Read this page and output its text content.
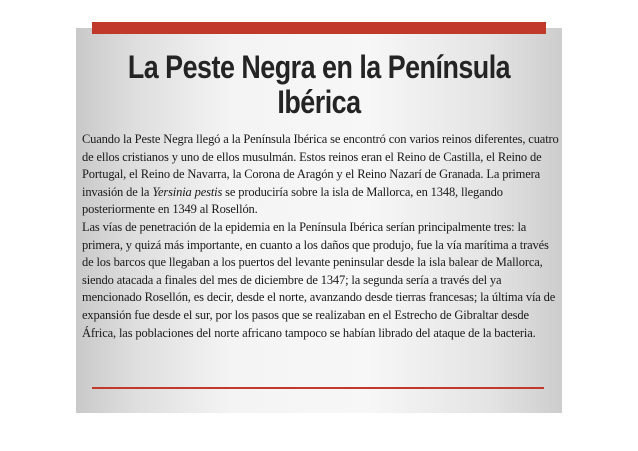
La Peste Negra en la Península
Ibérica

Cuando la Peste Negra llegó a la Península Ibérica se encontró con varios reinos diferentes, cuatro de ellos cristianos y uno de ellos musulmán. Estos reinos eran el Reino de Castilla, el Reino de Portugal, el Reino de Navarra, la Corona de Aragón y el Reino Nazarí de Granada. La primera invasión de la Yersinia pestis se produciría sobre la isla de Mallorca, en 1348, llegando posteriormente en 1349 al Rosellón.

Las vías de penetración de la epidemia en la Península Ibérica serían principalmente tres: la primera, y quizá más importante, en cuanto a los daños que produjo, fue la vía marítima a través de los barcos que llegaban a los puertos del levante peninsular desde la isla balear de Mallorca, siendo atacada a finales del mes de diciembre de 1347; la segunda sería a través del ya mencionado Rosellón, es decir, desde el norte, avanzando desde tierras francesas; la última vía de expansión fue desde el sur, por los pasos que se realizaban en el Estrecho de Gibraltar desde África, las poblaciones del norte africano tampoco se habían librado del ataque de la bacteria.
